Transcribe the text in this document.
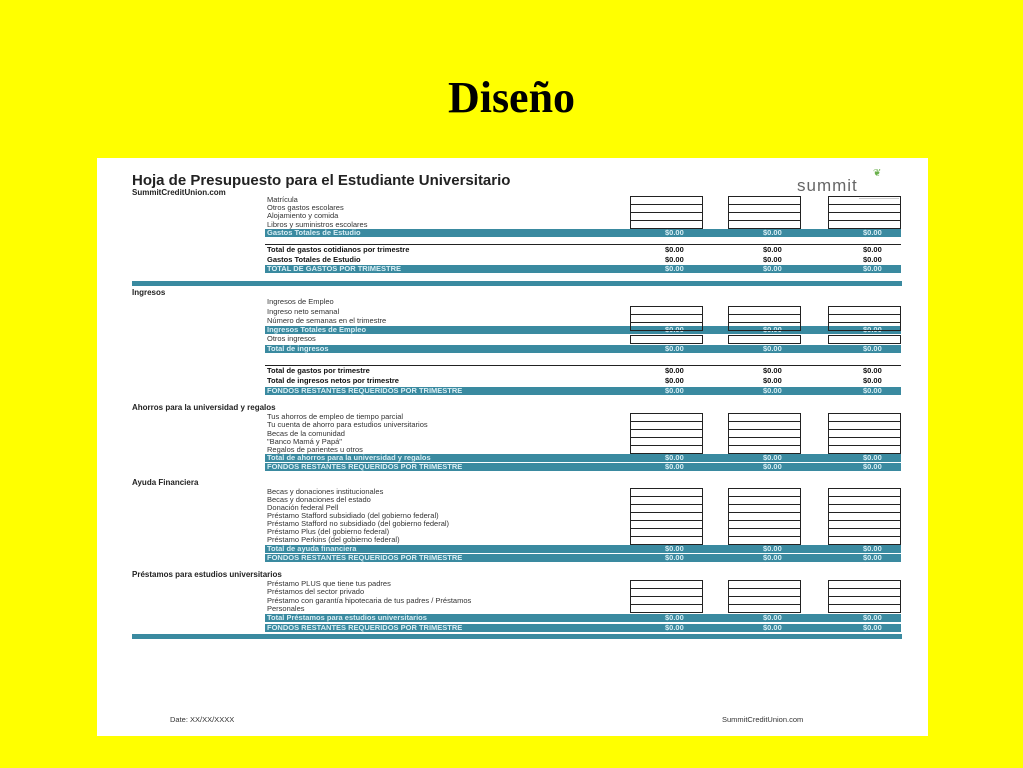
Diseño
Hoja de Presupuesto para el Estudiante Universitario
SummitCreditUnion.com
❦
summit
Matrícula
Otros gastos escolares
Alojamiento y comida
Libros y suministros escolares
Gastos Totales de Estudio	$0.00	$0.00	$0.00
Total de gastos cotidianos por trimestre	$0.00	$0.00	$0.00
Gastos Totales de Estudio	$0.00	$0.00	$0.00
TOTAL DE GASTOS POR TRIMESTRE	$0.00	$0.00	$0.00
Ingresos
Ingresos de Empleo
Ingreso neto semanal
Número de semanas en el trimestre
Ingresos Totales de Empleo	$0.00	$0.00	$0.00
Otros ingresos
Total de ingresos	$0.00	$0.00	$0.00
Total de gastos por trimestre	$0.00	$0.00	$0.00
Total de ingresos netos por trimestre	$0.00	$0.00	$0.00
FONDOS RESTANTES REQUERIDOS POR TRIMESTRE	$0.00	$0.00	$0.00
Ahorros para la universidad y regalos
Tus ahorros de empleo de tiempo parcial
Tu cuenta de ahorro para estudios universitarios
Becas de la comunidad
"Banco Mamá y Papá"
Regalos de parientes u otros
Total de ahorros para la universidad y regalos	$0.00	$0.00	$0.00
FONDOS RESTANTES REQUERIDOS POR TRIMESTRE	$0.00	$0.00	$0.00
Ayuda Financiera
Becas y donaciones institucionales
Becas y donaciones del estado
Donación federal Pell
Préstamo Stafford subsidiado (del gobierno federal)
Préstamo Stafford no subsidiado (del gobierno federal)
Préstamo Plus (del gobierno federal)
Préstamo Perkins (del gobierno federal)
Total de ayuda financiera	$0.00	$0.00	$0.00
FONDOS RESTANTES REQUERIDOS POR TRIMESTRE	$0.00	$0.00	$0.00
Préstamos para estudios universitarios
Préstamo PLUS que tiene tus padres
Préstamos del sector privado
Préstamo con garantía hipotecaria de tus padres / Préstamos
Personales
Total Préstamos para estudios universitarios	$0.00	$0.00	$0.00
FONDOS RESTANTES REQUERIDOS POR TRIMESTRE	$0.00	$0.00	$0.00
Date: XX/XX/XXXX	SummitCreditUnion.com
